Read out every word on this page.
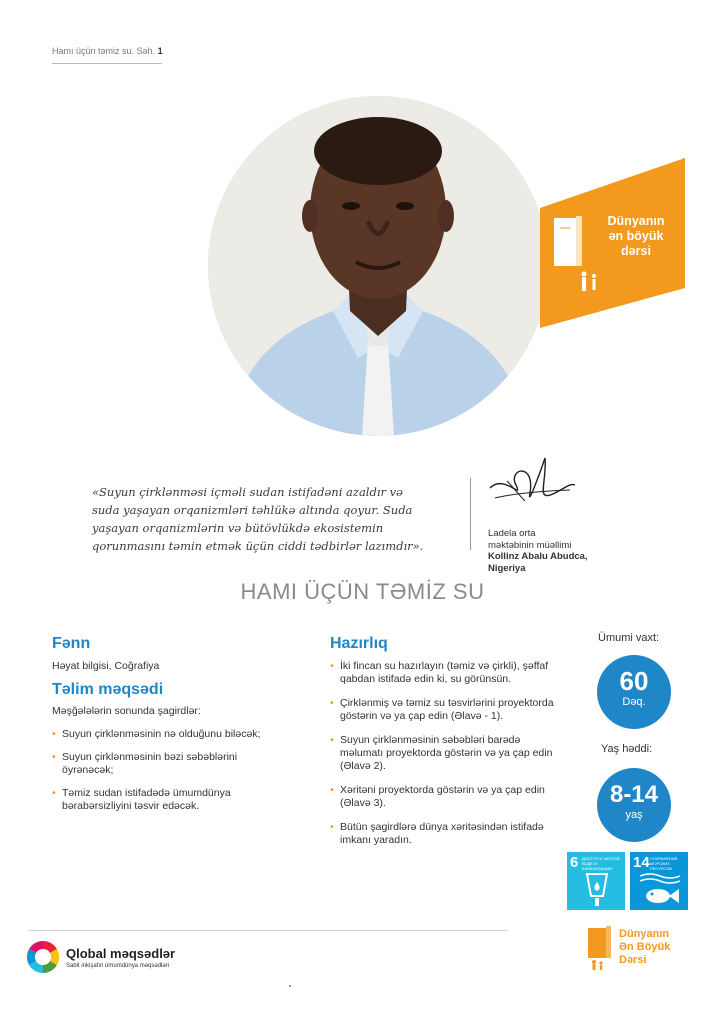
Hamı üçün təmiz su. Səh. 1
Dünyanın
ən böyük
dərsi
«Suyun çirklənməsi içməli sudan istifadəni azaldır və suda yaşayan orqanizmləri təhlükə altında qoyur. Suda yaşayan orqanizmlərin və bütövlükdə ekosistemin qorunmasını təmin etmək üçün ciddi tədbirlər lazımdır».
Ladela orta
məktəbinin müəllimi
Kollinz Abalu Abudca,
Nigeriya
HAMI ÜÇÜN TƏMİZ SU
Fənn
Həyat bilgisi, Coğrafiya
Təlim məqsədi
Məşğələlərin sonunda şagirdlər:
• Suyun çirklənməsinin nə olduğunu biləcək;
• Suyun çirklənməsinin bəzi səbəblərini öyrənəcək;
• Təmiz sudan istifadədə ümumdünya bərabərsizliyini təsvir edəcək.
Hazırlıq
• İki fincan su hazırlayın (təmiz və çirkli), şəffaf qabdan istifadə edin ki, su görünsün.
• Çirklənmiş və təmiz su təsvirlərini proyektorda göstərin və ya çap edin (Əlavə - 1).
• Suyun çirklənməsinin səbəbləri barədə məlumatı proyektorda göstərin və ya çap edin (Əlavə 2).
• Xəritəni proyektorda göstərin və ya çap edin (Əlavə 3).
• Bütün şagirdlərə dünya xəritəsindən istifadə imkanı yaradın.
Ümumi vaxt:
60
Dəq.
Yaş həddi:
8-14
yaş
6 ДОСТУП К ЧИСТОЙ ВОДЕ И КАНАЛИЗАЦИИ	14 СОХРАНЕНИЕ МОРСКИХ РЕСУРСОВ
Qlobal məqsədlər
Sabit inkişafın ümumdünya məqsədləri
Dünyanın
Ən Böyük
Dərsi
